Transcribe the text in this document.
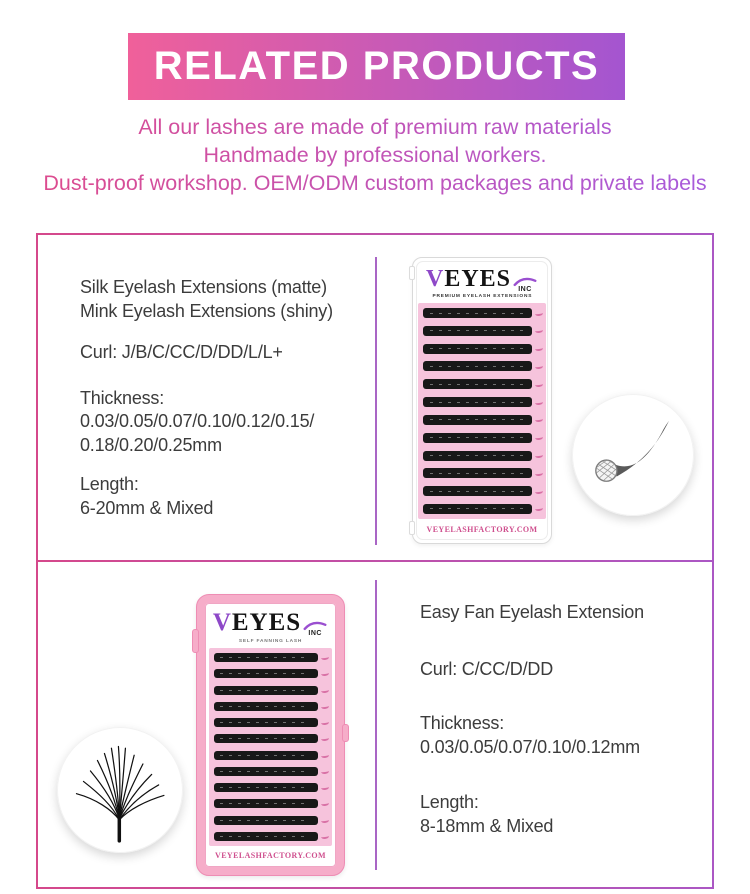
RELATED PRODUCTS
All our lashes are made of premium raw materials
Handmade by professional workers.
Dust-proof workshop. OEM/ODM custom packages and private labels
Silk Eyelash Extensions (matte)
Mink Eyelash Extensions (shiny)
Curl: J/B/C/CC/D/DD/L/L+
Thickness:
0.03/0.05/0.07/0.10/0.12/0.15/
0.18/0.20/0.25mm
Length:
6-20mm & Mixed
V EYES INC
PREMIUM EYELASH EXTENSIONS
VEYELASHFACTORY.COM
V EYES INC
SELF FANNING LASH
VEYELASHFACTORY.COM
Easy Fan Eyelash Extension
Curl: C/CC/D/DD
Thickness:
0.03/0.05/0.07/0.10/0.12mm
Length:
8-18mm & Mixed
